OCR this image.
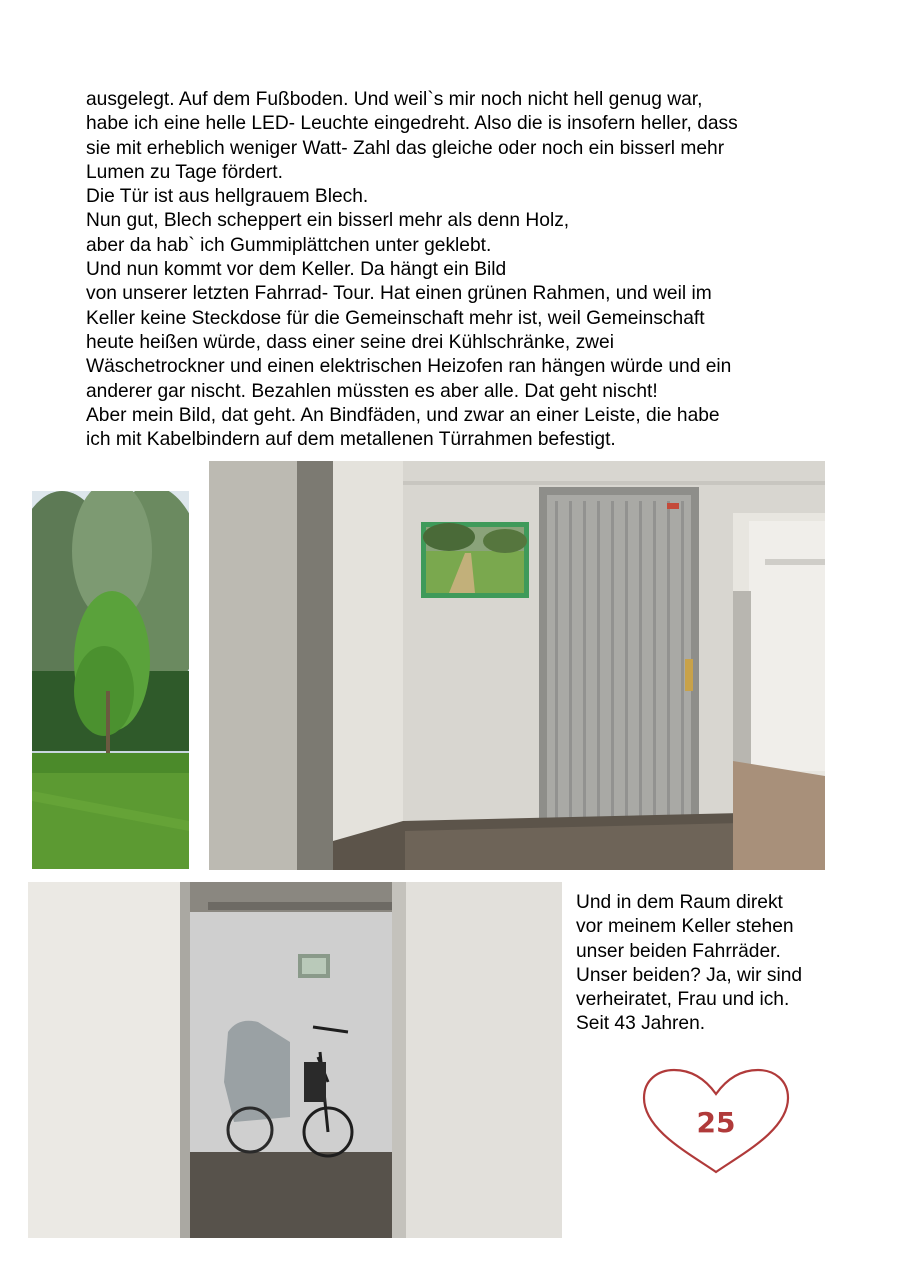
ausgelegt. Auf dem Fußboden. Und weil`s mir noch nicht hell genug war,
habe ich eine helle LED- Leuchte eingedreht. Also die is insofern heller, dass
sie mit erheblich weniger Watt- Zahl das gleiche oder noch ein bisserl mehr
Lumen zu Tage fördert.
Die Tür ist aus hellgrauem Blech.
Nun gut, Blech scheppert ein bisserl mehr als denn Holz,
aber da hab` ich Gummiplättchen unter geklebt.
Und nun kommt vor dem Keller. Da hängt ein Bild
von unserer letzten Fahrrad- Tour. Hat einen grünen Rahmen, und weil im
Keller keine Steckdose für die Gemeinschaft mehr ist, weil Gemeinschaft
heute heißen würde, dass einer seine drei Kühlschränke, zwei
Wäschetrockner und einen elektrischen Heizofen ran hängen würde und ein
anderer gar nischt. Bezahlen müssten es aber alle. Dat geht nischt!
Aber mein Bild, dat geht. An Bindfäden, und zwar an einer Leiste, die habe
ich mit Kabelbindern auf dem metallenen Türrahmen befestigt.
Und in dem Raum direkt
vor meinem Keller stehen
unser beiden Fahrräder.
Unser beiden? Ja, wir sind
verheiratet, Frau und ich.
Seit 43 Jahren.
25
